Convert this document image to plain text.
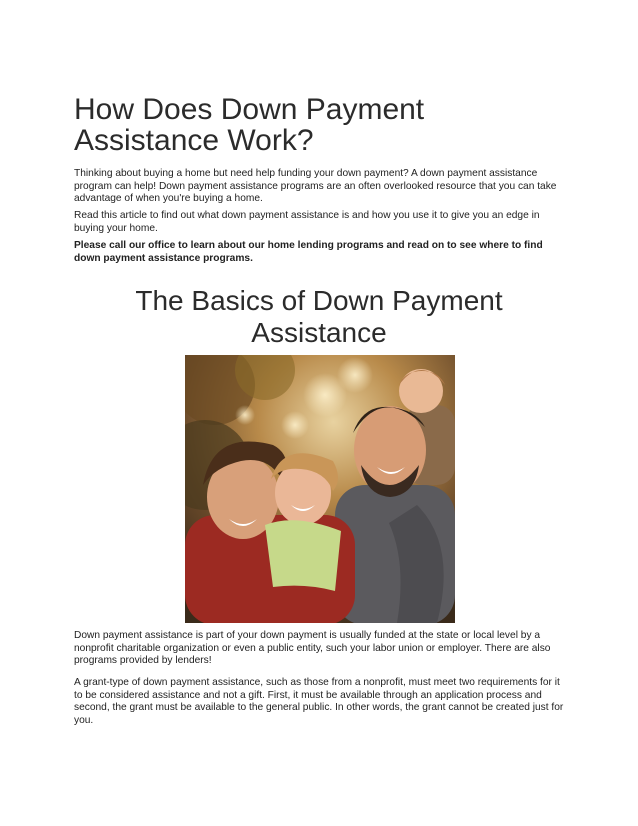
How Does Down Payment Assistance Work?

Thinking about buying a home but need help funding your down payment? A down payment assistance program can help! Down payment assistance programs are an often overlooked resource that you can take advantage of when you're buying a home.

Read this article to find out what down payment assistance is and how you use it to give you an edge in buying your home.

Please call our office to learn about our home lending programs and read on to see where to find down payment assistance programs.

The Basics of Down Payment Assistance

Down payment assistance is part of your down payment is usually funded at the state or local level by a nonprofit charitable organization or even a public entity, such your labor union or employer. There are also programs provided by lenders!

A grant-type of down payment assistance, such as those from a nonprofit, must meet two requirements for it to be considered assistance and not a gift. First, it must be available through an application process and second, the grant must be available to the general public. In other words, the grant cannot be created just for you.
